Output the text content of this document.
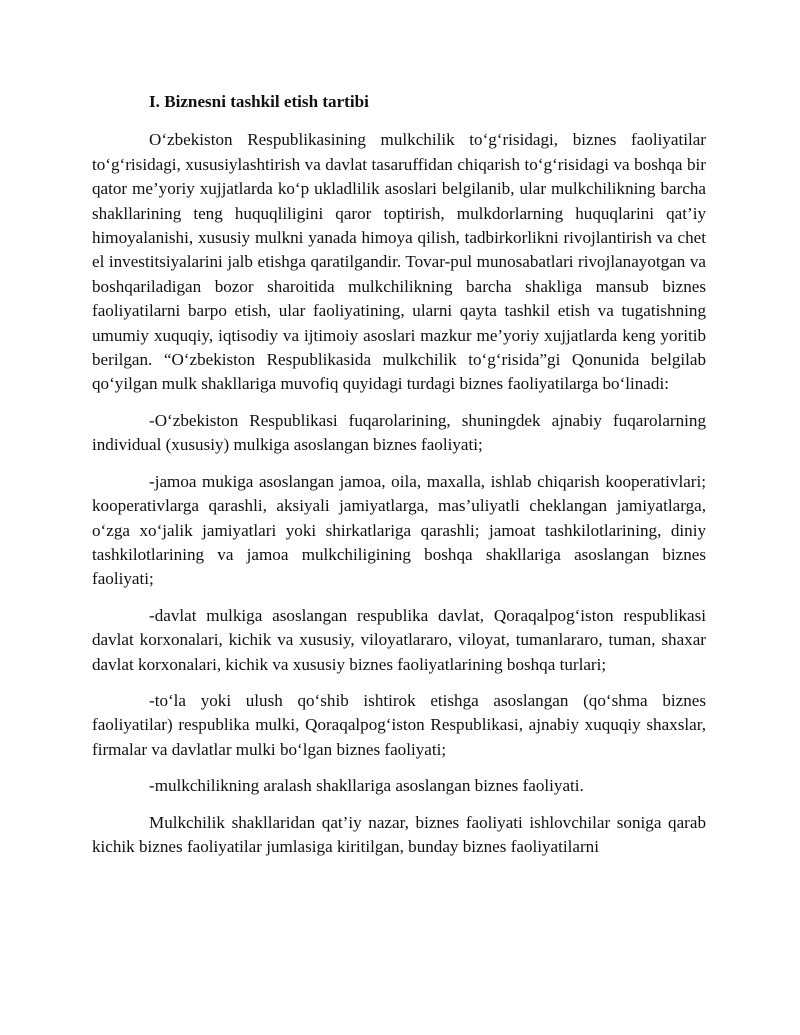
I. Biznesni tashkil etish tartibi

O‘zbekiston Respublikasining mulkchilik to‘g‘risidagi, biznes faoliyatilar to‘g‘risidagi, xususiylashtirish va davlat tasaruffidan chiqarish to‘g‘risidagi va boshqa bir qator me’yoriy xujjatlarda ko‘p ukladlilik asoslari belgilanib, ular mulkchilikning barcha shakllarining teng huquqliligini qaror toptirish, mulkdorlarning huquqlarini qat’iy himoyalanishi, xususiy mulkni yanada himoya qilish, tadbirkorlikni rivojlantirish va chet el investitsiyalarini jalb etishga qaratilgandir. Tovar-pul munosabatlari rivojlanayotgan va boshqariladigan bozor sharoitida mulkchilikning barcha shakliga mansub biznes faoliyatilarni barpo etish, ular faoliyatining, ularni qayta tashkil etish va tugatishning umumiy xuquqiy, iqtisodiy va ijtimoiy asoslari mazkur me’yoriy xujjatlarda keng yoritib berilgan. “O‘zbekiston Respublikasida mulkchilik to‘g‘risida”gi Qonunida belgilab qo‘yilgan mulk shakllariga muvofiq quyidagi turdagi biznes faoliyatilarga bo‘linadi:

-O‘zbekiston Respublikasi fuqarolarining, shuningdek ajnabiy fuqarolarning individual (xususiy) mulkiga asoslangan biznes faoliyati;

-jamoa mukiga asoslangan jamoa, oila, maxalla, ishlab chiqarish kooperativlari; kooperativlarga qarashli, aksiyali jamiyatlarga, mas’uliyatli cheklangan jamiyatlarga, o‘zga xo‘jalik jamiyatlari yoki shirkatlariga qarashli; jamoat tashkilotlarining, diniy tashkilotlarining va jamoa mulkchiligining boshqa shakllariga asoslangan biznes faoliyati;

-davlat mulkiga asoslangan respublika davlat, Qoraqalpog‘iston respublikasi davlat korxonalari, kichik va xususiy, viloyatlararo, viloyat, tumanlararo, tuman, shaxar davlat korxonalari, kichik va xususiy biznes faoliyatlarining boshqa turlari;

-to‘la yoki ulush qo‘shib ishtirok etishga asoslangan (qo‘shma biznes faoliyatilar) respublika mulki, Qoraqalpog‘iston Respublikasi, ajnabiy xuquqiy shaxslar, firmalar va davlatlar mulki bo‘lgan biznes faoliyati;

-mulkchilikning aralash shakllariga asoslangan biznes faoliyati.

Mulkchilik shakllaridan qat’iy nazar, biznes faoliyati ishlovchilar soniga qarab kichik biznes faoliyatilar jumlasiga kiritilgan, bunday biznes faoliyatilarni
